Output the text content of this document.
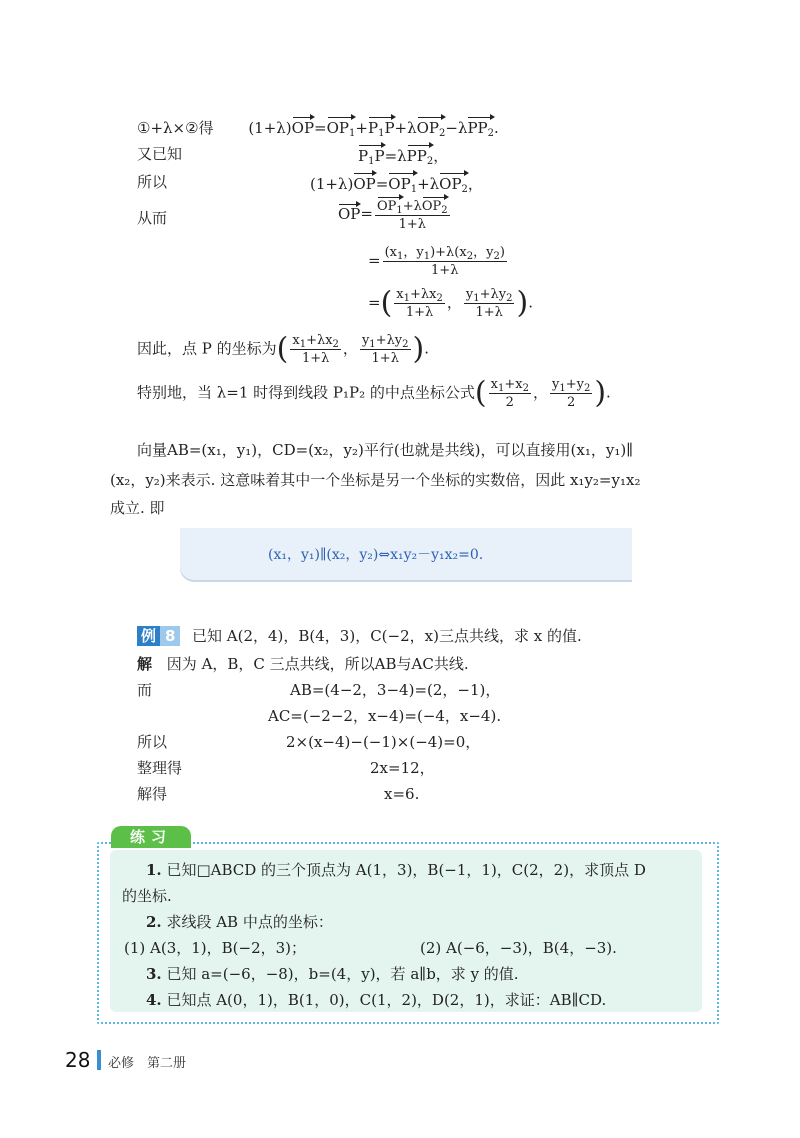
①+λ×②得 $(1+\lambda)OP=OP_1+P_1P+\lambda OP_2-\lambda PP_2$.
又已知	$P_1P=\lambda PP_2$，
所以	$(1+\lambda)OP=OP_1+\lambda OP_2$，
从而	$OP= \frac{OP_1+\lambda OP_2}{1+\lambda}$
= $\frac{(x_1,y_1)+\lambda(x_2,y_2)}{1+\lambda}$
=( $\frac{x_1+\lambda x_2}{1+\lambda}$ ， $\frac{y_1+\lambda y_2}{1+\lambda}$ ).
因此，点 P 的坐标为( $\frac{x_1+\lambda x_2}{1+\lambda}$ ， $\frac{y_1+\lambda y_2}{1+\lambda}$ ).
特别地，当 λ=1 时得到线段 P₁P₂ 的中点坐标公式( $\frac{x_1+x_2}{2}$ ， $\frac{y_1+y_2}{2}$ ).
向量AB=(x₁，y₁)，CD=(x₂，y₂)平行(也就是共线)，可以直接用(x₁，y₁)∥
(x₂，y₂)来表示. 这意味着其中一个坐标是另一个坐标的实数倍，因此 x₁y₂=y₁x₂
成立. 即
(x₁，y₁)∥(x₂，y₂)⇔x₁y₂－y₁x₂=0.
例 8	已知 A(2，4)，B(4，3)，C(−2，x)三点共线，求 x 的值.
解 因为 A，B，C 三点共线，所以AB与AC共线.
而	AB=(4−2，3−4)=(2，−1)，
AC=(−2−2，x−4)=(−4，x−4).
所以	2×(x−4)−(−1)×(−4)=0，
整理得	2x=12，
解得	x=6.
练习
1. 已知□ABCD 的三个顶点为 A(1，3)，B(−1，1)，C(2，2)，求顶点 D
的坐标.
2. 求线段 AB 中点的坐标：
(1) A(3，1)，B(−2，3)；	(2) A(−6，−3)，B(4，−3).
3. 已知 a=(−6，−8)，b=(4，y)，若 a∥b，求 y 的值.
4. 已知点 A(0，1)，B(1，0)，C(1，2)，D(2，1)，求证：AB∥CD.
28 必修　第二册
